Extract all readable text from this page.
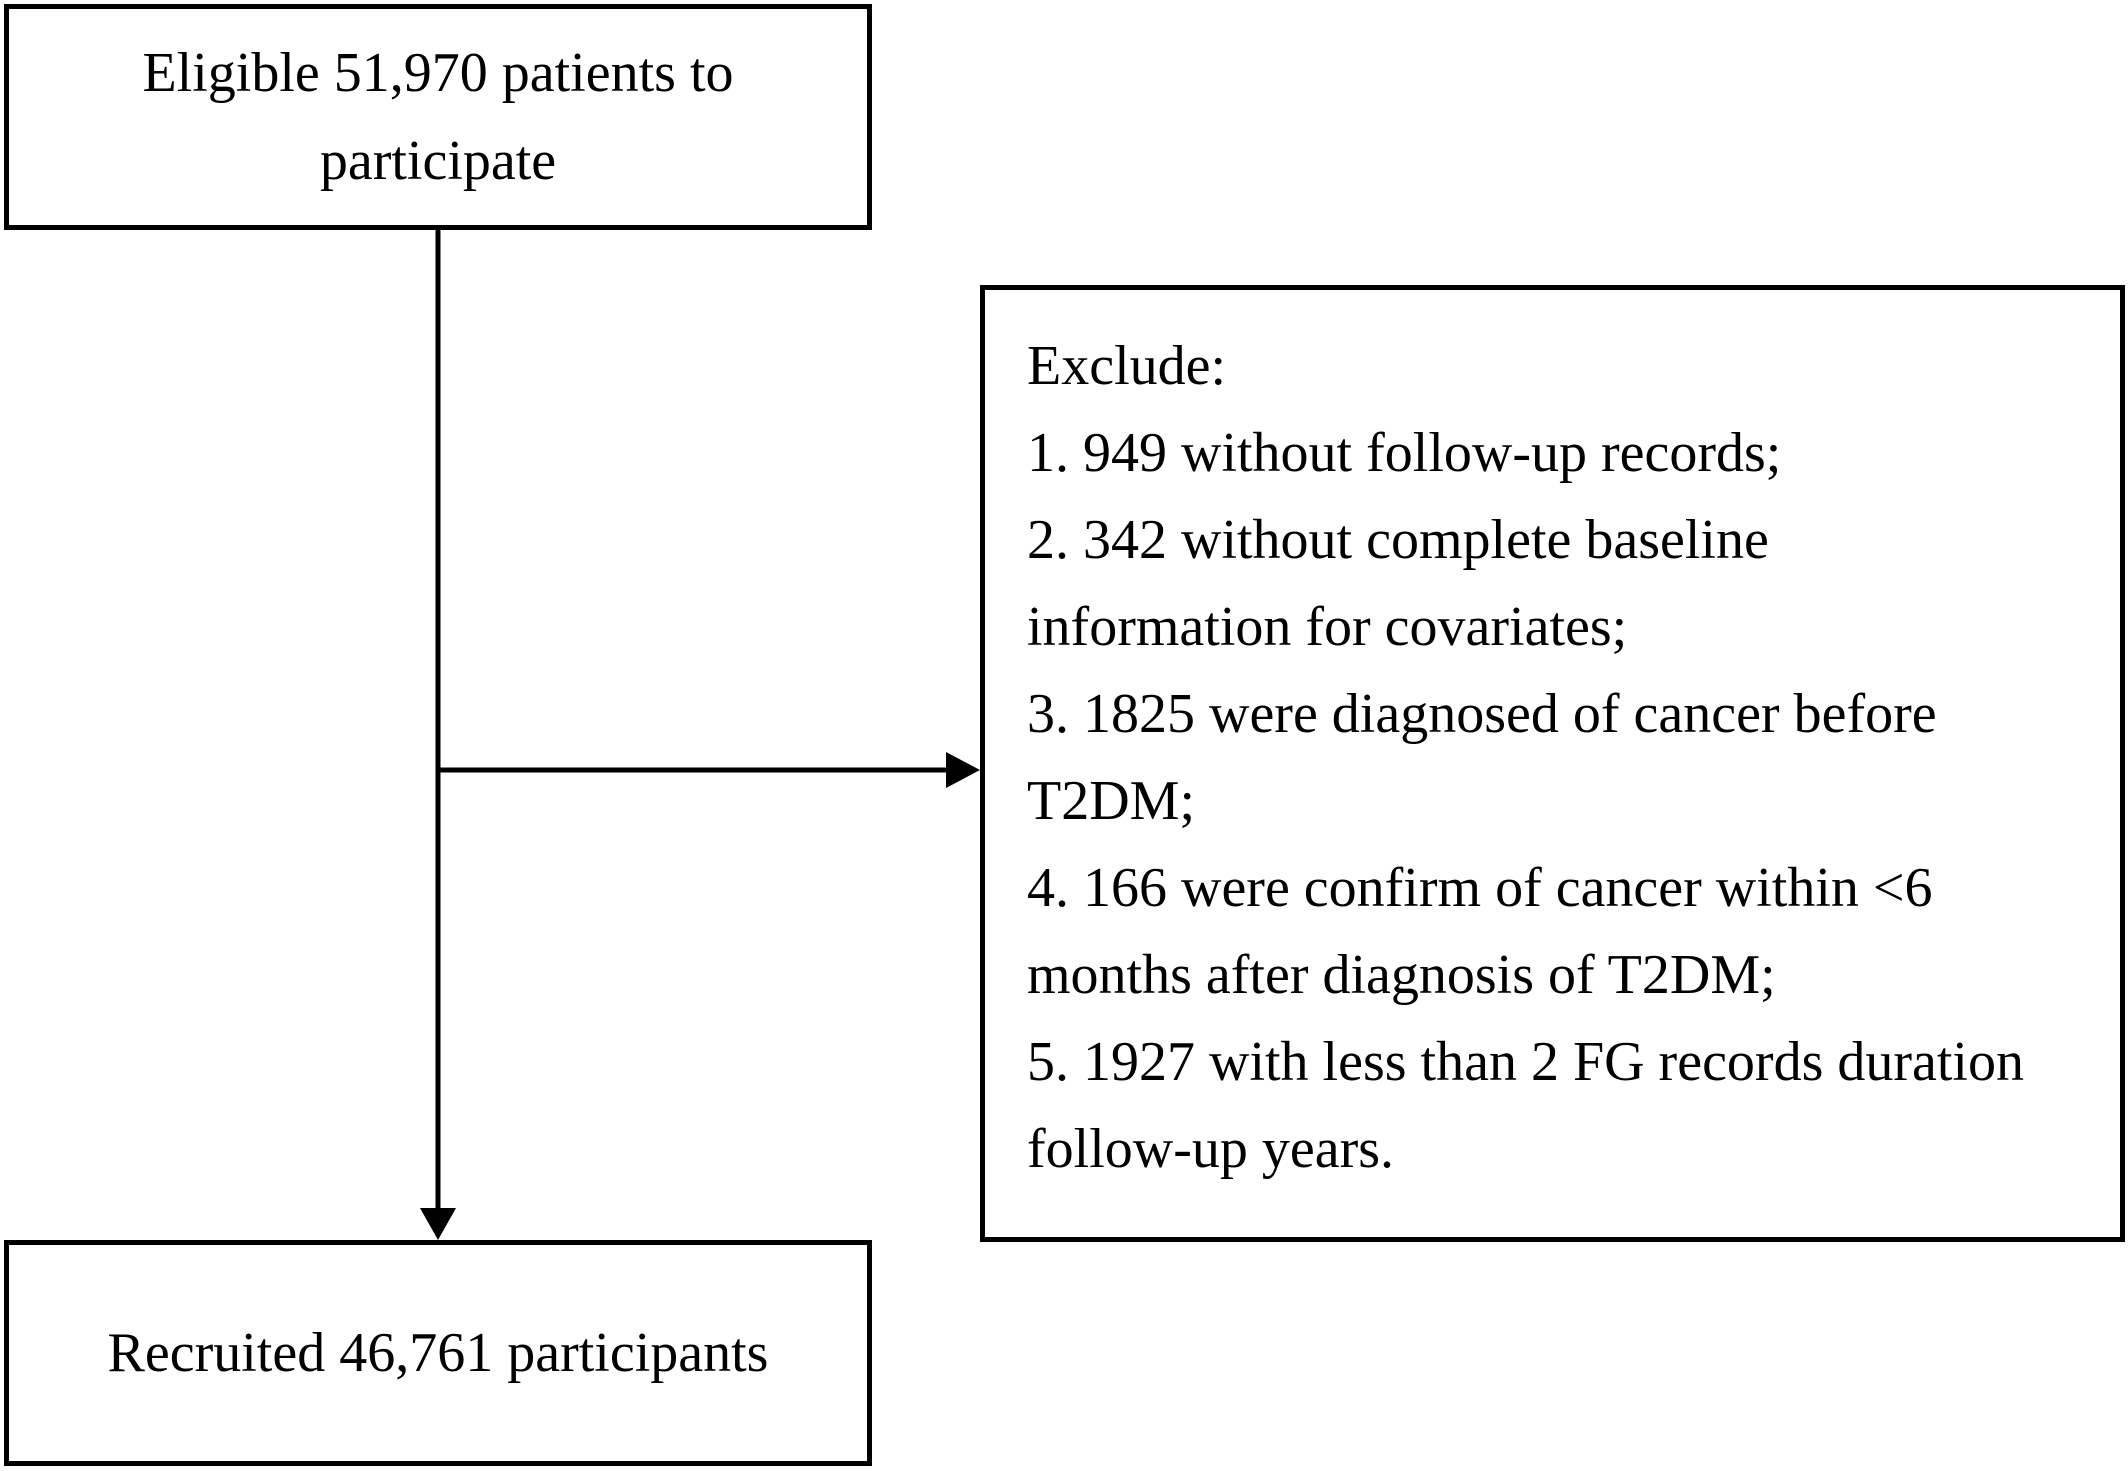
Eligible 51,970 patients to
participate
Exclude:
1. 949 without follow-up records;
2. 342 without complete baseline
information for covariates;
3. 1825 were diagnosed of cancer before
T2DM;
4. 166 were confirm of cancer within <6
months after diagnosis of T2DM;
5. 1927 with less than 2 FG records duration
follow-up years.
Recruited 46,761 participants
